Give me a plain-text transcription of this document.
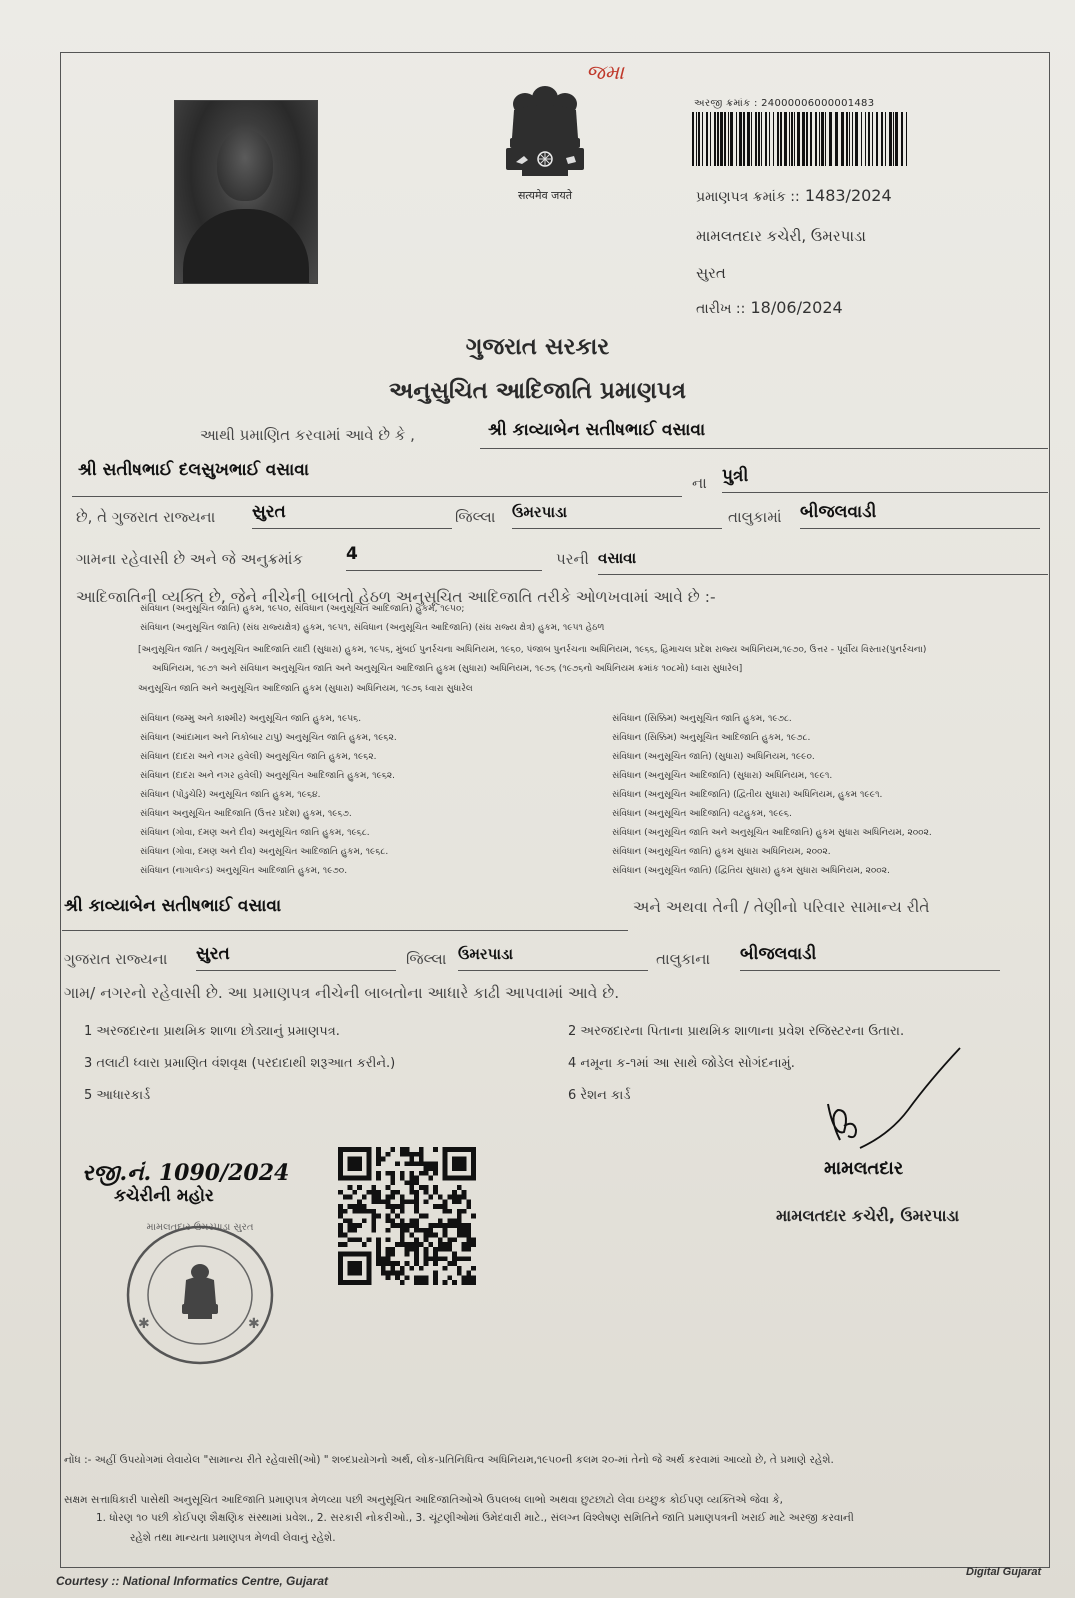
જમા
सत्यमेव जयते
અરજી ક્રમાંક : 24000006000001483
પ્રમાણપત્ર ક્રમાંક :: 1483/2024
મામલતદાર કચેરી, ઉમરપાડા
સુરત
તારીખ :: 18/06/2024
ગુજરાત સરકાર
અનુસુચિત આદિજાતિ પ્રમાણપત્ર
આથી પ્રમાણિત કરવામાં આવે છે કે ,	શ્રી કાવ્યાબેન સતીષભાઈ વસાવા
શ્રી સતીષભાઈ દલસુખભાઈ વસાવા
ના પુત્રી
છે, તે ગુજરાત રાજ્યના સુરત	જિલ્લા ઉમરપાડા	તાલુકામાં બીજલવાડી
ગામના રહેવાસી છે અને જે અનુક્રમાંક	4	પરની વસાવા
આદિજાતિની વ્યક્તિ છે, જેને નીચેની બાબતો હેઠળ અનુસૂચિત આદિજાતિ તરીકે ઓળખવામાં આવે છે :-
સંવિધાન (અનુસૂચિત જાતિ) હુકમ, ૧૯૫૦, સંવિધાન (અનુસૂચિત આદિજાતિ) હુકમ, ૧૯૫૦;
સંવિધાન (અનુસૂચિત જાતિ) (સંઘ રાજ્યક્ષેત્ર) હુકમ, ૧૯૫૧, સંવિધાન (અનુસૂચિત આદિજાતિ) (સંઘ રાજ્ય ક્ષેત્ર) હુકમ, ૧૯૫૧ હેઠળ
[અનુસૂચિત જાતિ / અનુસૂચિત આદિજાતિ યાદી (સુધારા) હુકમ, ૧૯૫૬, મુંબઈ પુનર્રચના અધિનિયમ, ૧૯૬૦, પંજાબ પુનર્રચના અધિનિયમ, ૧૯૬૬, હિમાચલ પ્રદેશ રાજ્ય અધિનિયમ,૧૯૭૦, ઉત્તર - પૂર્વીય વિસ્તાર(પુનર્રચના)
અધિનિયમ, ૧૯૭૧ અને સંવિધાન અનુસૂચિત જાતિ અને અનુસૂચિત આદિજાતિ હુકમ (સુધારા) અધિનિયમ, ૧૯૭૬ (૧૯૭૬નો અધિનિયમ ક્રમાંક ૧૦૮મો) ધ્વારા સુધારેલ]
અનુસૂચિત જાતિ અને અનુસૂચિત આદિજાતિ હુકમ (સુધારા) અધિનિયમ, ૧૯૭૬ ધ્વારા સુધારેલ
સંવિધાન (જમ્મુ અને કાશ્મીર) અનુસૂચિત જાતિ હુકમ, ૧૯૫૬.
સંવિધાન (આંદામાન અને નિકોબાર ટાપુ) અનુસૂચિત જાતિ હુકમ, ૧૯૬૨.
સંવિધાન (દાદરા અને નગર હવેલી) અનુસૂચિત જાતિ હુકમ, ૧૯૬૨.
સંવિધાન (દાદરા અને નગર હવેલી) અનુસૂચિત આદિજાતિ હુકમ, ૧૯૬૨.
સંવિધાન (પોંડુચેરિ) અનુસૂચિત જાતિ હુકમ, ૧૯૬૪.
સંવિધાન અનુસૂચિત આદિજાતિ (ઉત્તર પ્રદેશ) હુકમ, ૧૯૬૭.
સંવિધાન (ગોવા, દમણ અને દીવ) અનુસૂચિત જાતિ હુકમ, ૧૯૬૮.
સંવિધાન (ગોવા, દમણ અને દીવ) અનુસૂચિત આદિજાતિ હુકમ, ૧૯૬૮.
સંવિધાન (નાગાલેન્ડ) અનુસૂચિત આદિજાતિ હુકમ, ૧૯૭૦.
સંવિધાન (સિક્કિમ) અનુસૂચિત જાતિ હુકમ, ૧૯૭૮.
સંવિધાન (સિક્કિમ) અનુસૂચિત આદિજાતિ હુકમ, ૧૯૭૮.
સંવિધાન (અનુસૂચિત જાતિ) (સુધારા) અધિનિયમ, ૧૯૯૦.
સંવિધાન (અનુસૂચિત આદિજાતિ) (સુધારા) અધિનિયમ, ૧૯૯૧.
સંવિધાન (અનુસૂચિત આદિજાતિ) (દ્વિતીય સુધારા) અધિનિયમ, હુકમ ૧૯૯૧.
સંવિધાન (અનુસૂચિત આદિજાતિ) વટહુકમ, ૧૯૯૬.
સંવિધાન (અનુસૂચિત જાતિ અને અનુસૂચિત આદિજાતિ) હુકમ સુધારા અધિનિયમ, ૨૦૦૨.
સંવિધાન (અનુસૂચિત જાતિ) હુકમ સુધારા અધિનિયમ, ૨૦૦૨.
સંવિધાન (અનુસૂચિત જાતિ) (દ્વિતિય સુધારા) હુકમ સુધારા અધિનિયમ, ૨૦૦૨.
શ્રી કાવ્યાબેન સતીષભાઈ વસાવા	અને અથવા તેની / તેણીનો પરિવાર સામાન્ય રીતે
ગુજરાત રાજ્યના સુરત	જિલ્લા ઉમરપાડા	તાલુકાના બીજલવાડી
ગામ/ નગરનો રહેવાસી છે. આ પ્રમાણપત્ર નીચેની બાબતોના આધારે કાઢી આપવામાં આવે છે.
1 અરજદારના પ્રાથમિક શાળા છોડ્યાનું પ્રમાણપત્ર.	2 અરજદારના પિતાના પ્રાથમિક શાળાના પ્રવેશ રજિસ્ટરના ઉતારા.
3 તલાટી ધ્વારા પ્રમાણિત વંશવૃક્ષ (પરદાદાથી શરૂઆત કરીને.)	4 નમૂના ક-૧માં આ સાથે જોડેલ સોગંદનામું.
5 આધારકાર્ડ	6 રેશન કાર્ડ
રજી.નં. 1090/2024
કચેરીની મહોર
✱	✱
મામલતદાર ઉમરપાડા સુરત
મામલતદાર
મામલતદાર કચેરી, ઉમરપાડા
નોંધ :- અહીં ઉપયોગમાં લેવાયેલ "સામાન્ય રીતે રહેવાસી(ઓ) " શબ્દપ્રયોગનો અર્થ, લોક-પ્રતિનિધિત્વ અધિનિયમ,૧૯૫૦ની કલમ ૨૦-માં તેનો જે અર્થ કરવામાં આવ્યો છે, તે પ્રમાણે રહેશે.
સક્ષમ સત્તાધિકારી પાસેથી અનુસૂચિત આદિજાતિ પ્રમાણપત્ર મેળવ્યા પછી અનુસૂચિત આદિજાતિઓએ ઉપલબ્ધ લાભો અથવા છુટછાટો લેવા ઇચ્છુક કોઈપણ વ્યક્તિએ જેવા કે,
1. ધોરણ ૧૦ પછી કોઈપણ શૈક્ષણિક સંસ્થામાં પ્રવેશ., 2. સરકારી નોકરીઓ., 3. ચૂંટણીઓમાં ઉમેદવારી માટે., સંલગ્ન વિશ્લેષણ સમિતિને જાતિ પ્રમાણપત્રની ખરાઈ માટે અરજી કરવાની
રહેશે તથા માન્યતા પ્રમાણપત્ર મેળવી લેવાનું રહેશે.
Courtesy :: National Informatics Centre, Gujarat
Digital Gujarat
